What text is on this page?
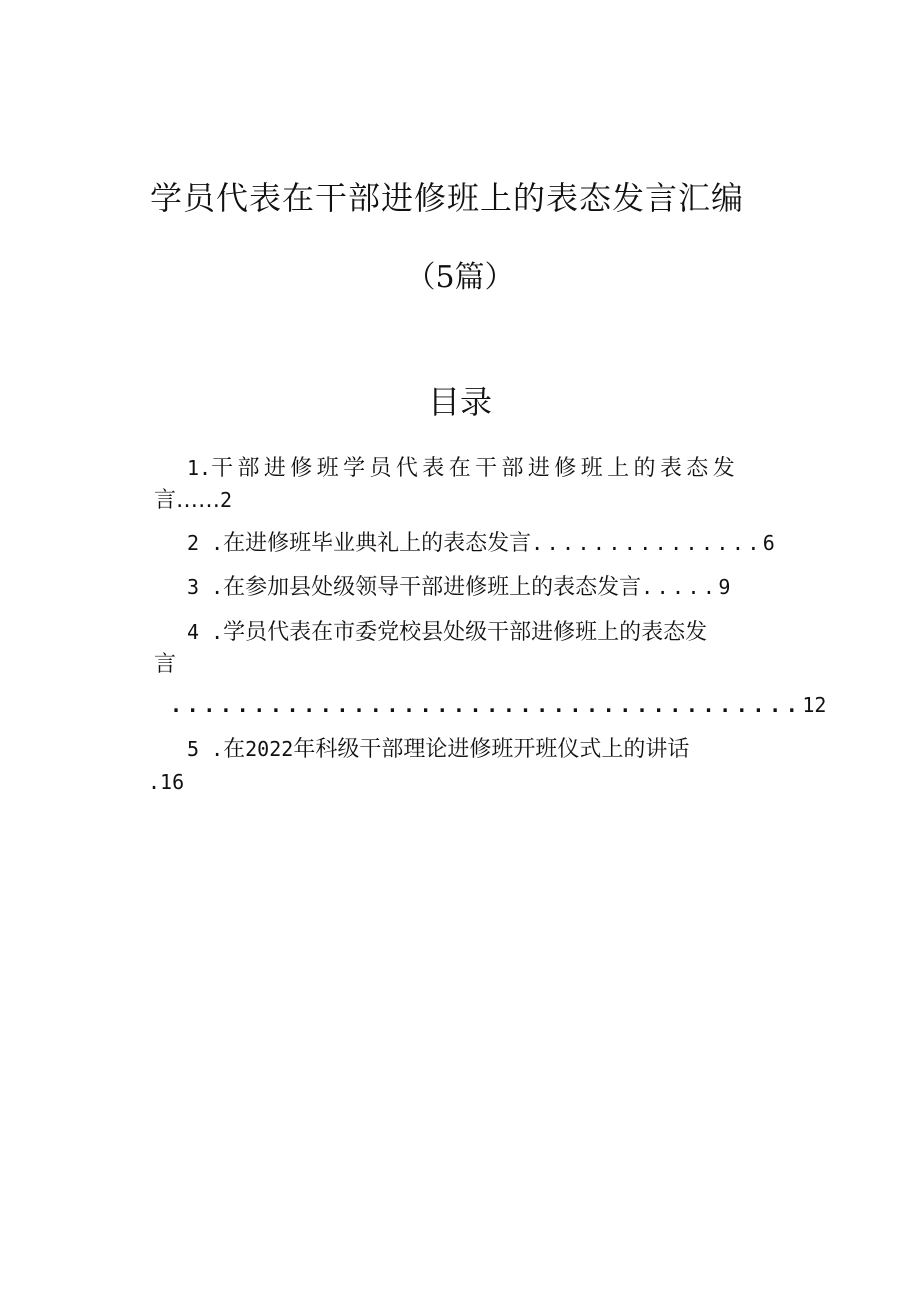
学员代表在干部进修班上的表态发言汇编
（5篇）
目录
1.干部进修班学员代表在干部进修班上的表态发
言……2
2 .在进修班毕业典礼上的表态发言...............6
3 .在参加县处级领导干部进修班上的表态发言.....9
4 .学员代表在市委党校县处级干部进修班上的表态发
言
......................................12
5 .在2022年科级干部理论进修班开班仪式上的讲话
.16
